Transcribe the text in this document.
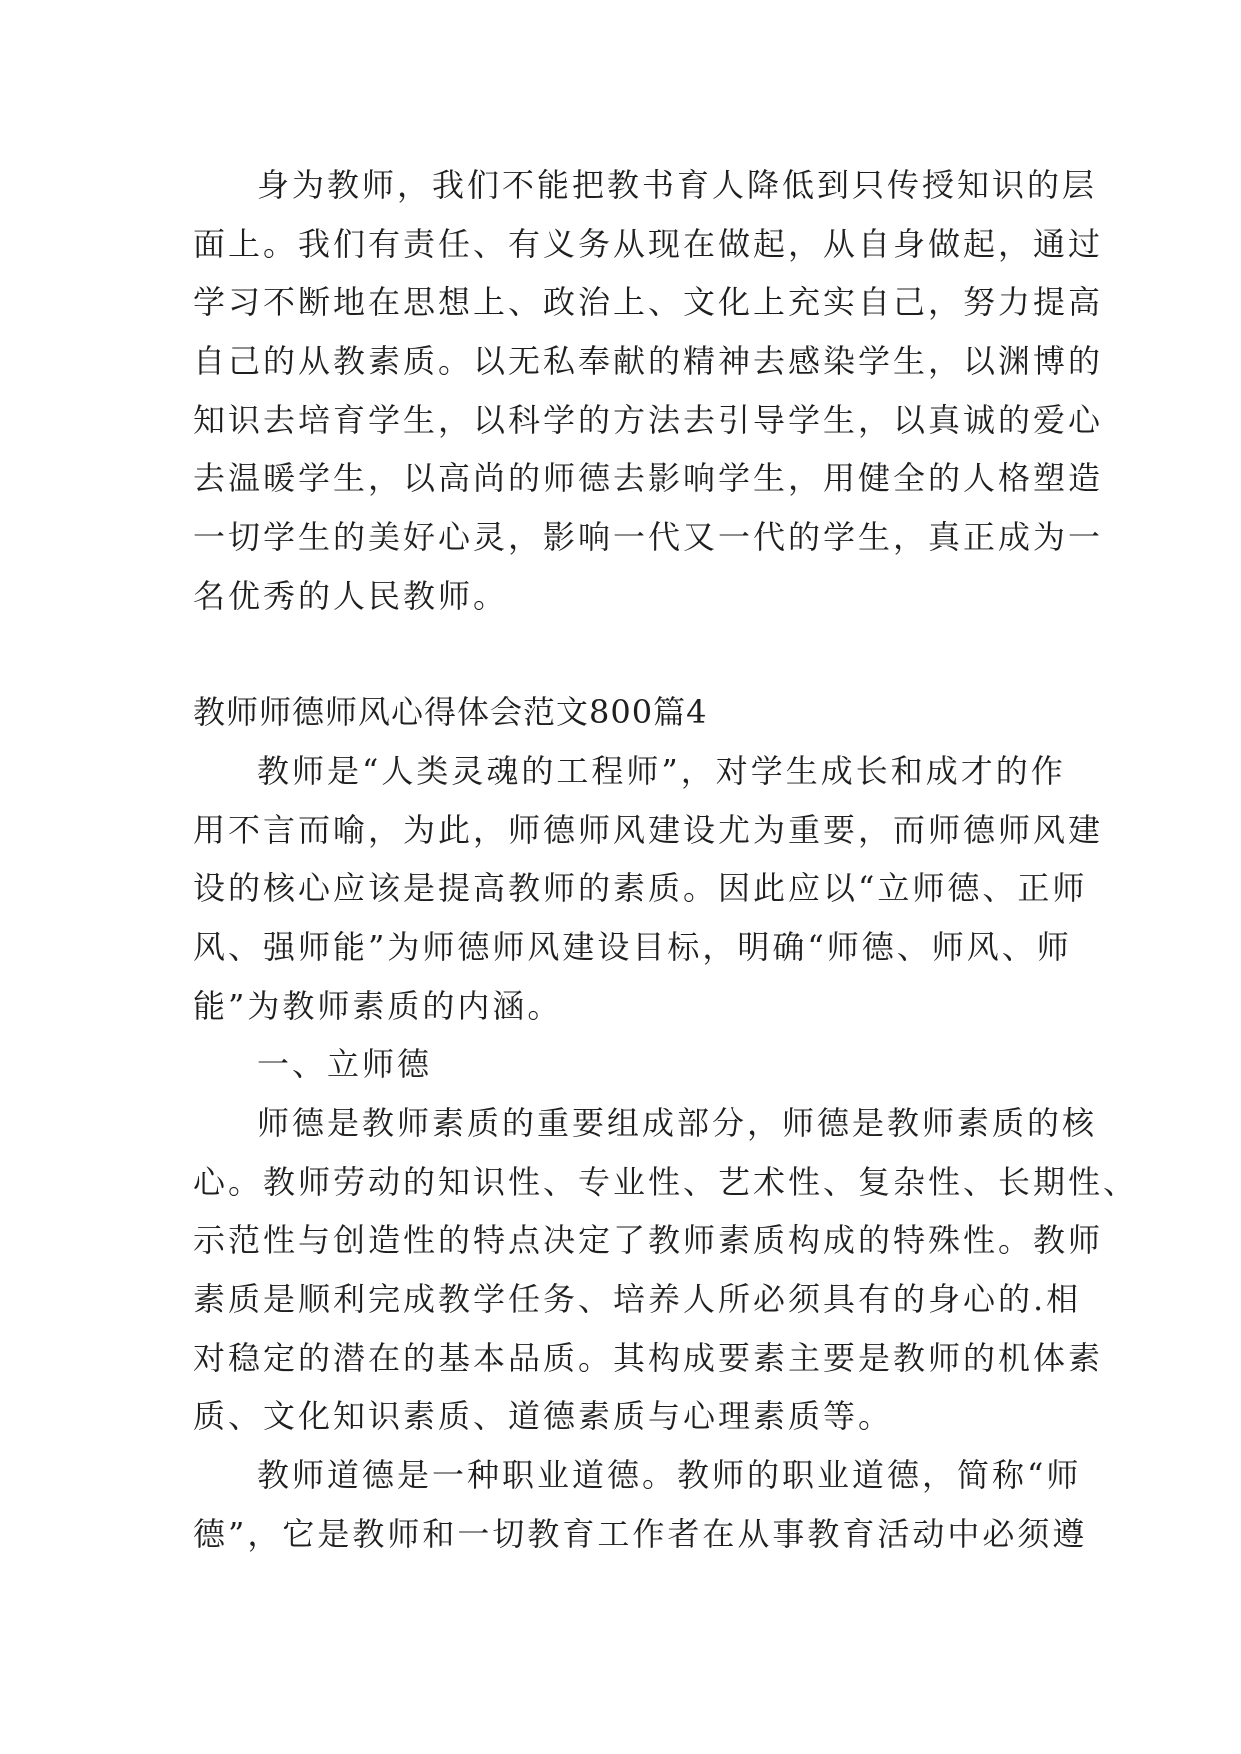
身为教师，我们不能把教书育人降低到只传授知识的层
面上。我们有责任、有义务从现在做起，从自身做起，通过
学习不断地在思想上、政治上、文化上充实自己，努力提高
自己的从教素质。以无私奉献的精神去感染学生，以渊博的
知识去培育学生，以科学的方法去引导学生，以真诚的爱心
去温暖学生，以高尚的师德去影响学生，用健全的人格塑造
一切学生的美好心灵，影响一代又一代的学生，真正成为一
名优秀的人民教师。
教师师德师风心得体会范文800篇4
教师是“人类灵魂的工程师”，对学生成长和成才的作
用不言而喻，为此，师德师风建设尤为重要，而师德师风建
设的核心应该是提高教师的素质。因此应以“立师德、正师
风、强师能”为师德师风建设目标，明确“师德、师风、师
能”为教师素质的内涵。
一、立师德
师德是教师素质的重要组成部分，师德是教师素质的核
心。教师劳动的知识性、专业性、艺术性、复杂性、长期性、
示范性与创造性的特点决定了教师素质构成的特殊性。教师
素质是顺利完成教学任务、培养人所必须具有的身心的.相
对稳定的潜在的基本品质。其构成要素主要是教师的机体素
质、文化知识素质、道德素质与心理素质等。
教师道德是一种职业道德。教师的职业道德，简称“师
德”，它是教师和一切教育工作者在从事教育活动中必须遵
